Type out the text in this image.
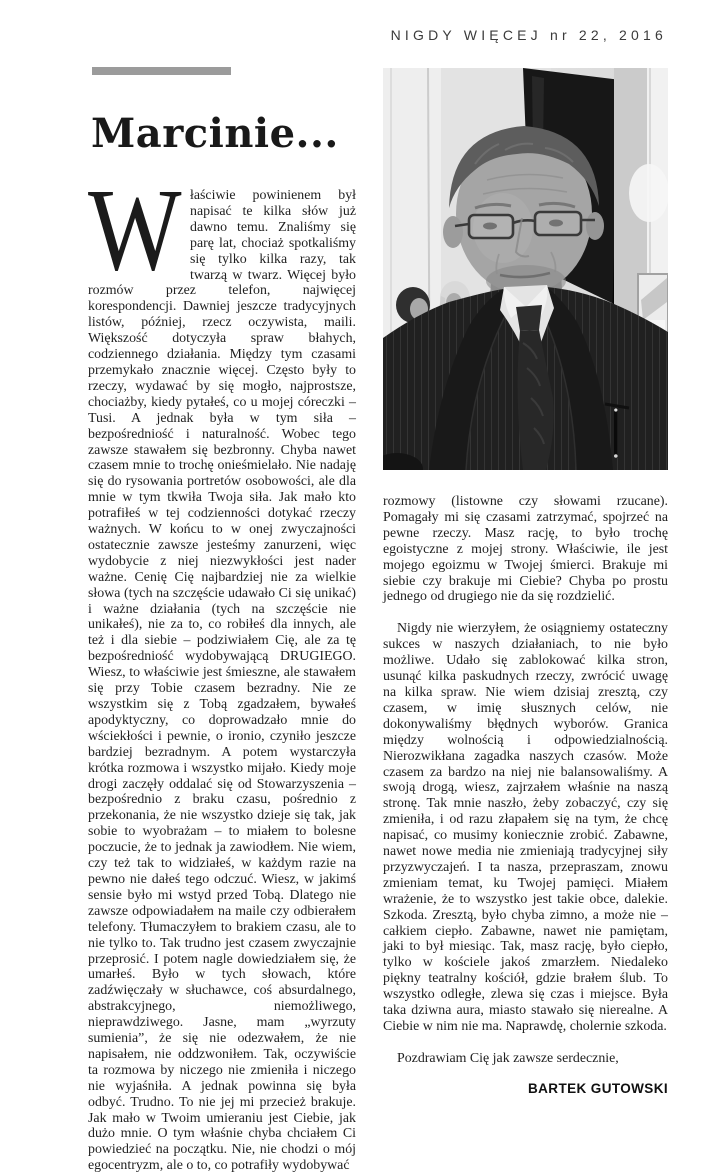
NIGDY WIĘCEJ nr 22, 2016
Marcinie...

Właściwie powinienem był napisać te kilka słów już dawno temu. Znaliśmy się parę lat, chociaż spotkaliśmy się tylko kilka razy, tak twarzą w twarz. Więcej było rozmów przez telefon, najwięcej korespondencji. Dawniej jeszcze tradycyjnych listów, później, rzecz oczywista, maili. Większość dotyczyła spraw błahych, codziennego działania. Między tym czasami przemykało znacznie więcej. Często były to rzeczy, wydawać by się mogło, najprostsze, chociażby, kiedy pytałeś, co u mojej córeczki – Tusi. A jednak była w tym siła – bezpośredniość i naturalność. Wobec tego zawsze stawałem się bezbronny. Chyba nawet czasem mnie to trochę onieśmielało. Nie nadaję się do rysowania portretów osobowości, ale dla mnie w tym tkwiła Twoja siła. Jak mało kto potrafiłeś w tej codzienności dotykać rzeczy ważnych. W końcu to w onej zwyczajności ostatecznie zawsze jesteśmy zanurzeni, więc wydobycie z niej niezwykłości jest nader ważne. Cenię Cię najbardziej nie za wielkie słowa (tych na szczęście udawało Ci się unikać) i ważne działania (tych na szczęście nie unikałeś), nie za to, co robiłeś dla innych, ale też i dla siebie – podziwiałem Cię, ale za tę bezpośredniość wydobywającą DRUGIEGO. Wiesz, to właściwie jest śmieszne, ale stawałem się przy Tobie czasem bezradny. Nie ze wszystkim się z Tobą zgadzałem, bywałeś apodyktyczny, co doprowadzało mnie do wściekłości i pewnie, o ironio, czyniło jeszcze bardziej bezradnym. A potem wystarczyła krótka rozmowa i wszystko mijało. Kiedy moje drogi zaczęły oddalać się od Stowarzyszenia – bezpośrednio z braku czasu, pośrednio z przekonania, że nie wszystko dzieje się tak, jak sobie to wyobrażam – to miałem to bolesne poczucie, że to jednak ja zawiodłem. Nie wiem, czy też tak to widziałeś, w każdym razie na pewno nie dałeś tego odczuć. Wiesz, w jakimś sensie było mi wstyd przed Tobą. Dlatego nie zawsze odpowiadałem na maile czy odbierałem telefony. Tłumaczyłem to brakiem czasu, ale to nie tylko to. Tak trudno jest czasem zwyczajnie przeprosić. I potem nagle dowiedziałem się, że umarłeś. Było w tych słowach, które zadźwięczały w słuchawce, coś absurdalnego, abstrakcyjnego, niemożliwego, nieprawdziwego. Jasne, mam „wyrzuty sumienia”, że się nie odezwałem, że nie napisałem, nie oddzwoniłem. Tak, oczywiście ta rozmowa by niczego nie zmieniła i niczego nie wyjaśniła. A jednak powinna się była odbyć. Trudno. To nie jej mi przecież brakuje. Jak mało w Twoim umieraniu jest Ciebie, jak dużo mnie. O tym właśnie chyba chciałem Ci powiedzieć na początku. Nie, nie chodzi o mój egocentryzm, ale o to, co potrafiły wydobywać

rozmowy (listowne czy słowami rzucane). Pomagały mi się czasami zatrzymać, spojrzeć na pewne rzeczy. Masz rację, to było trochę egoistyczne z mojej strony. Właściwie, ile jest mojego egoizmu w Twojej śmierci. Brakuje mi siebie czy brakuje mi Ciebie? Chyba po prostu jednego od drugiego nie da się rozdzielić.

Nigdy nie wierzyłem, że osiągniemy ostateczny sukces w naszych działaniach, to nie było możliwe. Udało się zablokować kilka stron, usunąć kilka paskudnych rzeczy, zwrócić uwagę na kilka spraw. Nie wiem dzisiaj zresztą, czy czasem, w imię słusznych celów, nie dokonywaliśmy błędnych wyborów. Granica między wolnością i odpowiedzialnością. Nierozwikłana zagadka naszych czasów. Może czasem za bardzo na niej nie balansowaliśmy. A swoją drogą, wiesz, zajrzałem właśnie na naszą stronę. Tak mnie naszło, żeby zobaczyć, czy się zmieniła, i od razu złapałem się na tym, że chcę napisać, co musimy koniecznie zrobić. Zabawne, nawet nowe media nie zmieniają tradycyjnej siły przyzwyczajeń. I ta nasza, przepraszam, znowu zmieniam temat, ku Twojej pamięci. Miałem wrażenie, że to wszystko jest takie obce, dalekie. Szkoda. Zresztą, było chyba zimno, a może nie – całkiem ciepło. Zabawne, nawet nie pamiętam, jaki to był miesiąc. Tak, masz rację, było ciepło, tylko w kościele jakoś zmarzłem. Niedaleko piękny teatralny kościół, gdzie brałem ślub. To wszystko odległe, zlewa się czas i miejsce. Była taka dziwna aura, miasto stawało się nierealne. A Ciebie w nim nie ma. Naprawdę, cholernie szkoda.

Pozdrawiam Cię jak zawsze serdecznie,

BARTEK GUTOWSKI
